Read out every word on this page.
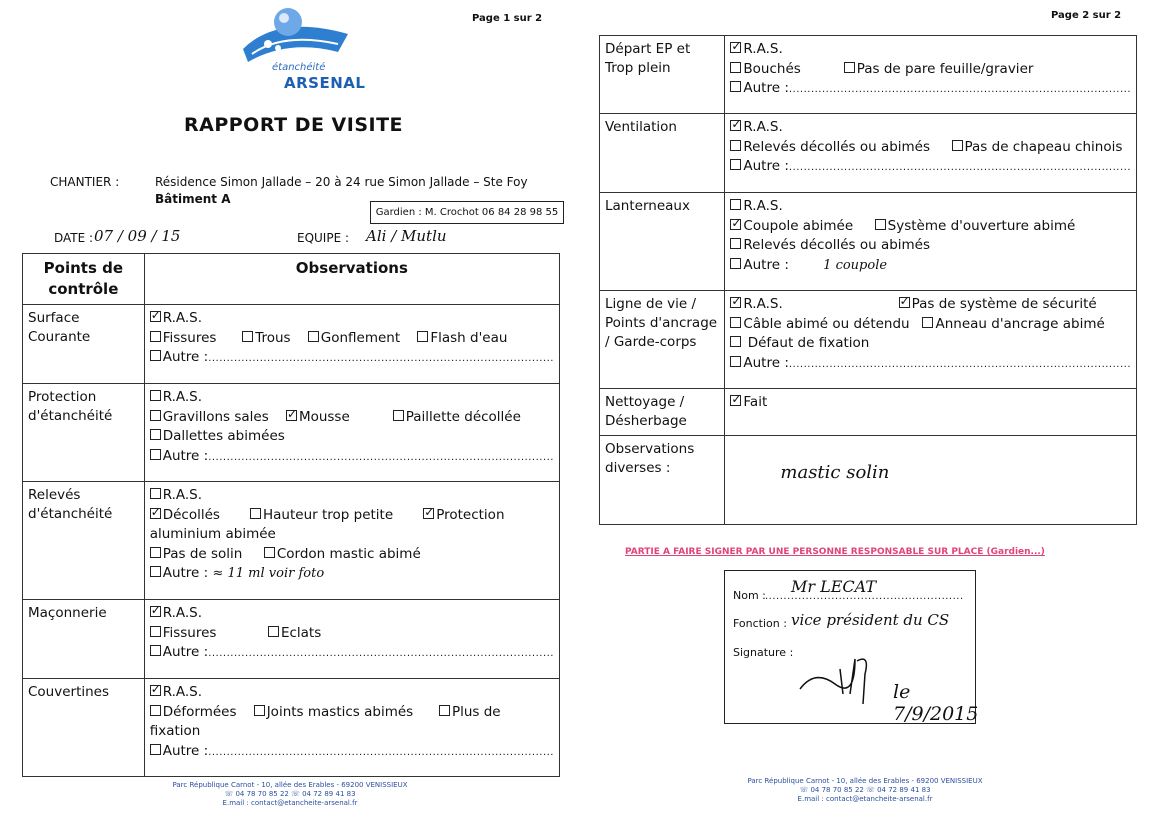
Page 1 sur 2
étanchéité
ARSENAL
RAPPORT DE VISITE
CHANTIER :	Résidence Simon Jallade – 20 à 24 rue Simon Jallade – Ste Foy
Bâtiment A
Gardien : M. Crochot 06 84 28 98 55
DATE : 07 / 09 / 15	EQUIPE : Ali / Mutlu
Points de contrôle	Observations
Surface Courante	
✓R.A.S.
Fissures Trous Gonflement Flash d'eau
Autre :..............................................................................................

Protection d'étanchéité	R.A.S.
Gravillons sales ✓ Mousse Paillette décollée
Dallettes abimées
Autre :..............................................................................................

Relevés d'étanchéité	R.A.S.
✓Décollés Hauteur trop petite ✓ Protection
aluminium abimée
Pas de solin Cordon mastic abimé
Autre : ≈ 11 ml voir foto

Maçonnerie	
✓R.A.S.
Fissures Eclats
Autre :..............................................................................................

Couvertines	
✓R.A.S.
Déformées Joints mastics abimés Plus de
fixation
Autre :..............................................................................................
Parc République Carnot - 10, allée des Erables - 69200 VENISSIEUX
☏ 04 78 70 85 22 ☏ 04 72 89 41 83
E.mail : contact@etancheite-arsenal.fr
Page 2 sur 2
Départ EP et Trop plein	
✓R.A.S.
Bouchés Pas de pare feuille/gravier
Autre :.............................................................................................

Ventilation	
✓R.A.S.
Relevés décollés ou abimés Pas de chapeau chinois
Autre :.............................................................................................

Lanterneaux	R.A.S.
✓Coupole abimée Système d'ouverture abimé
Relevés décollés ou abimés
Autre : 1 coupole

Ligne de vie / Points d'ancrage / Garde-corps	
✓R.A.S. ✓ Pas de système de sécurité
Câble abimé ou détendu Anneau d'ancrage abimé
Défaut de fixation
Autre :.............................................................................................

Nettoyage / Désherbage	
✓Fait

Observations diverses :	mastic solin
PARTIE A FAIRE SIGNER PAR UNE PERSONNE RESPONSABLE SUR PLACE (Gardien...)
Nom : ......................................................
Mr LECAT
Fonction : vice président du CS
Signature :
le 7/9/2015
Parc République Carnot - 10, allée des Erables - 69200 VENISSIEUX
☏ 04 78 70 85 22 ☏ 04 72 89 41 83
E.mail : contact@etancheite-arsenal.fr
